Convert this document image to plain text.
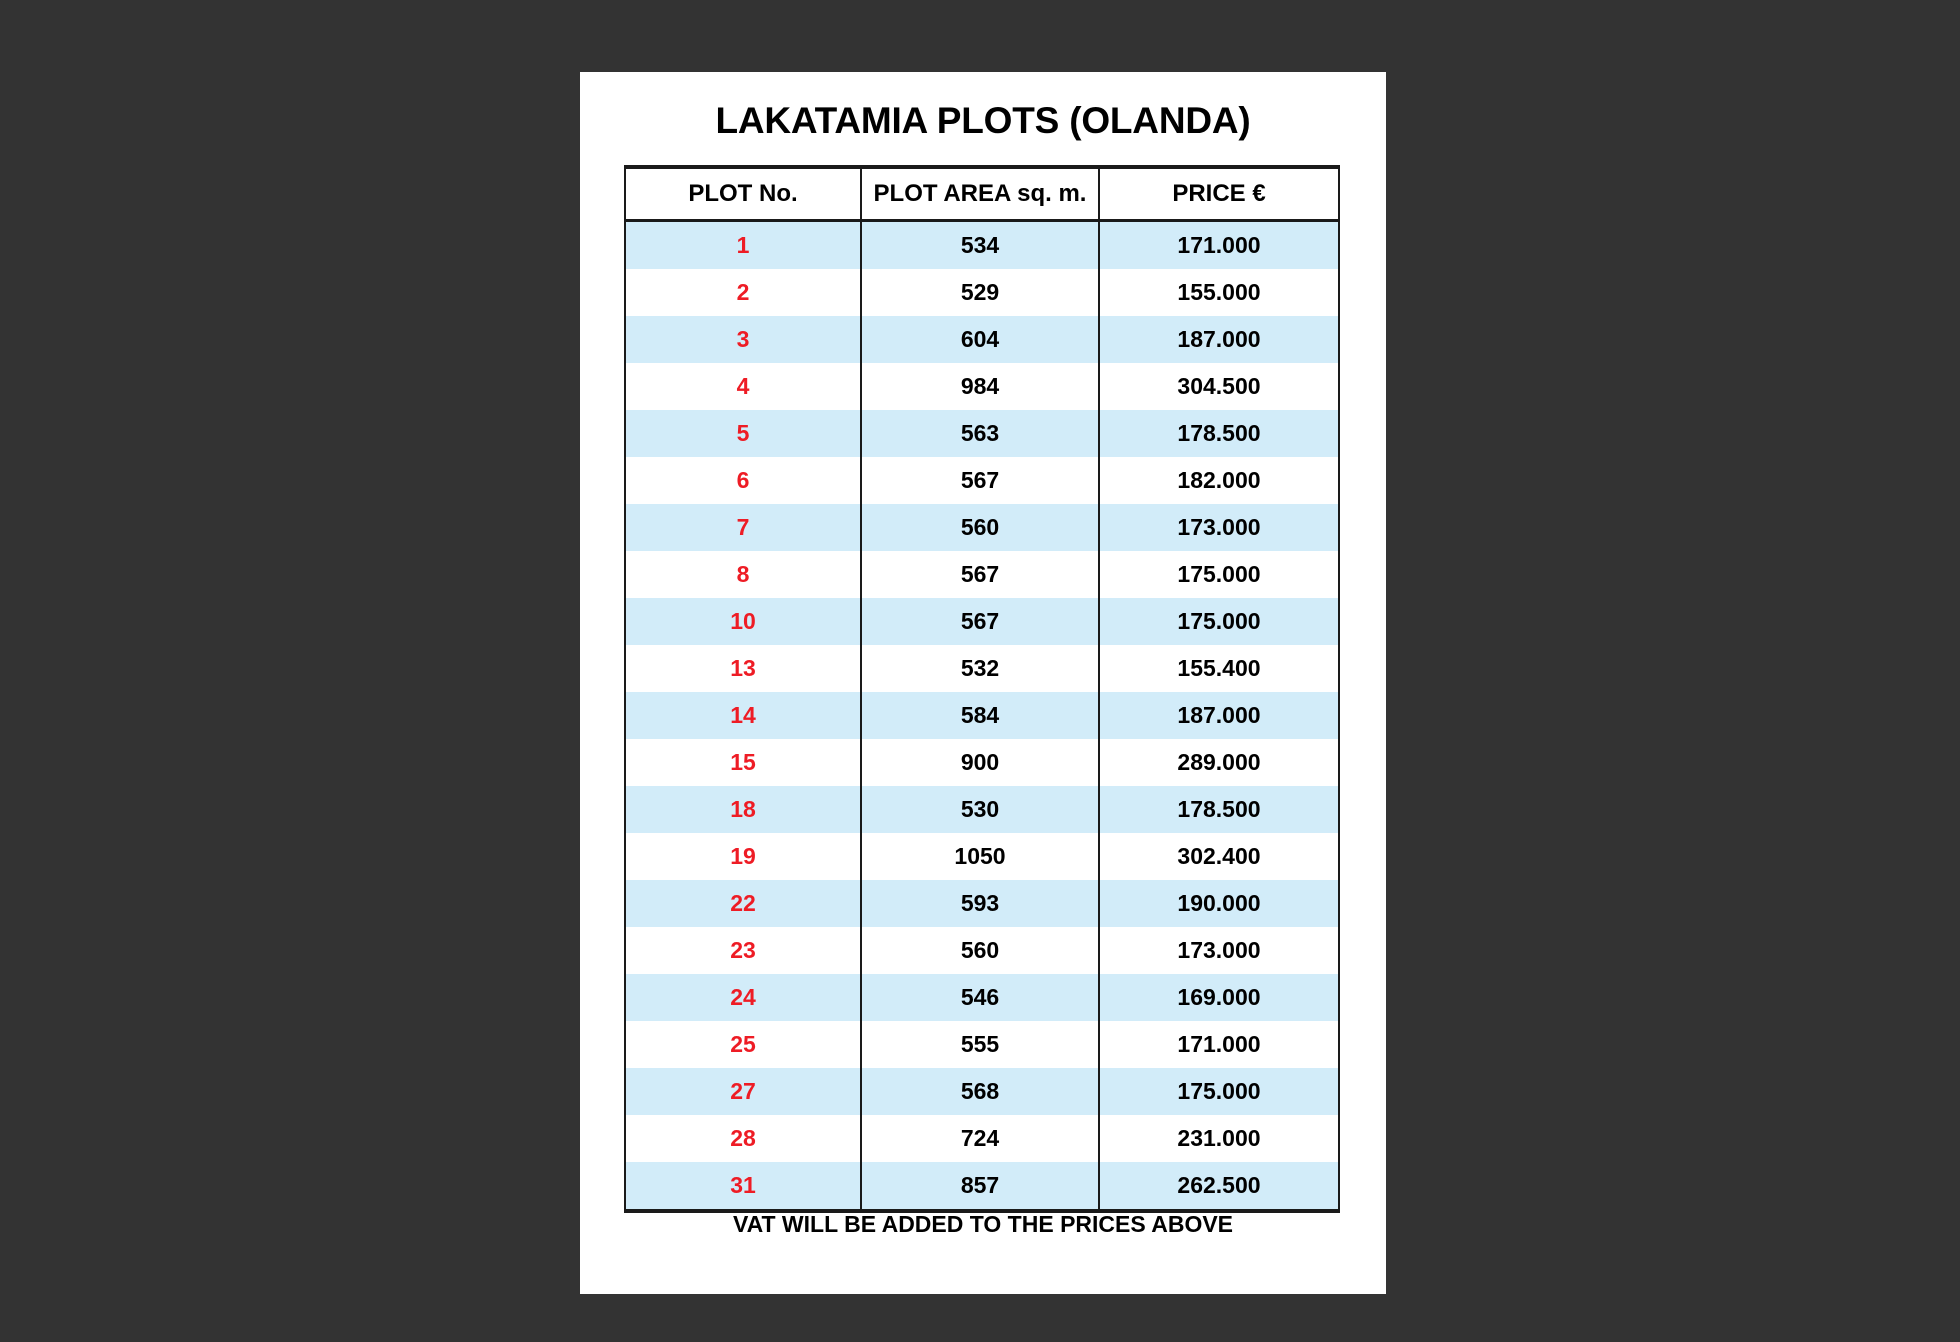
LAKATAMIA PLOTS (OLANDA)
PLOT No.	PLOT AREA sq. m.	PRICE €
1	534	171.000
2	529	155.000
3	604	187.000
4	984	304.500
5	563	178.500
6	567	182.000
7	560	173.000
8	567	175.000
10	567	175.000
13	532	155.400
14	584	187.000
15	900	289.000
18	530	178.500
19	1050	302.400
22	593	190.000
23	560	173.000
24	546	169.000
25	555	171.000
27	568	175.000
28	724	231.000
31	857	262.500
VAT WILL BE ADDED TO THE PRICES ABOVE
